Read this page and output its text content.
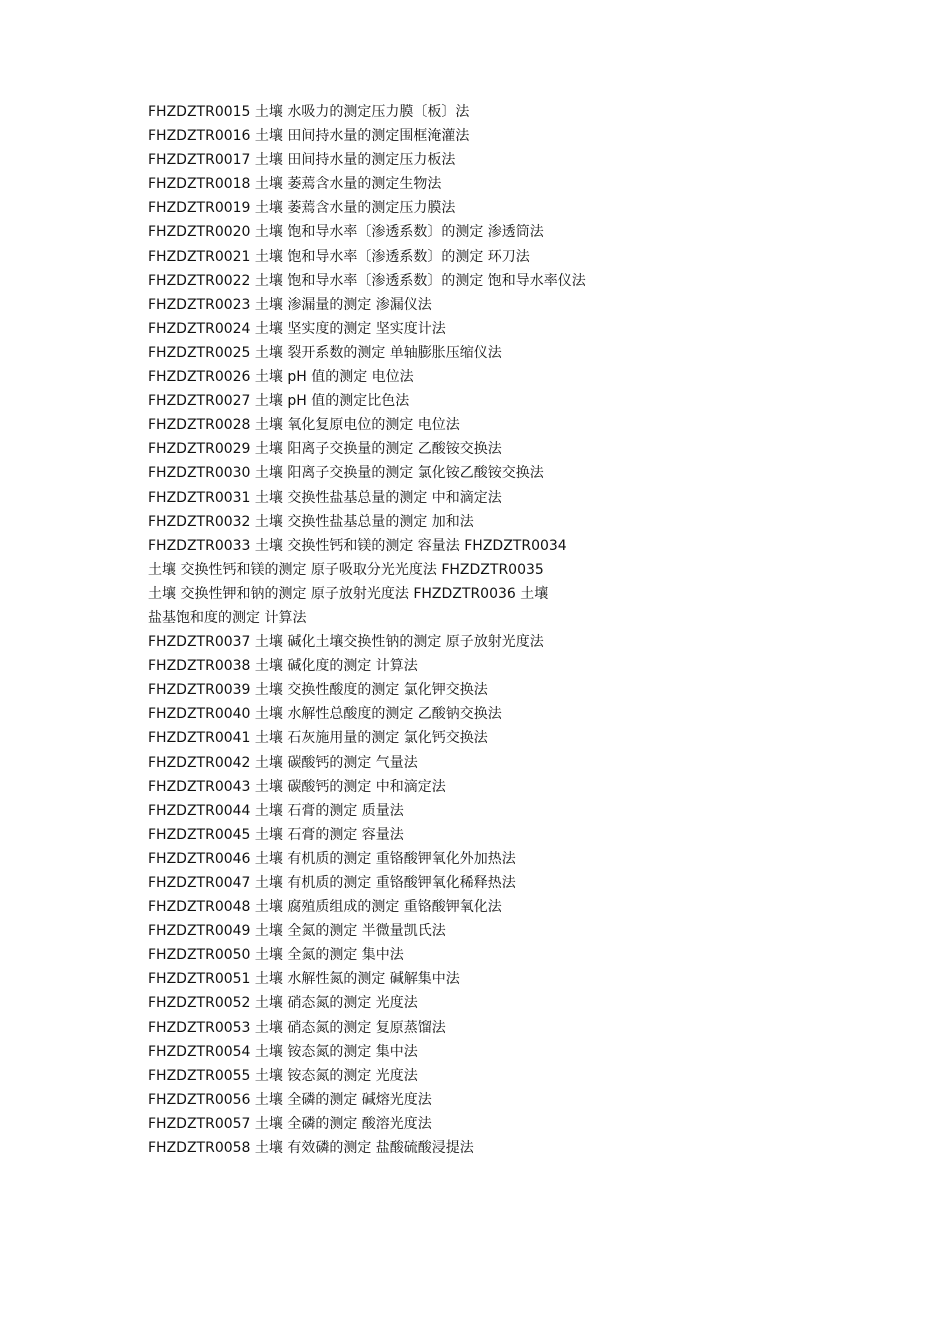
FHZDZTR0015 土壤 水吸力的测定压力膜〔板〕法
FHZDZTR0016 土壤 田间持水量的测定围框淹灌法
FHZDZTR0017 土壤 田间持水量的测定压力板法
FHZDZTR0018 土壤 萎蔫含水量的测定生物法
FHZDZTR0019 土壤 萎蔫含水量的测定压力膜法
FHZDZTR0020 土壤 饱和导水率〔渗透系数〕的测定 渗透筒法
FHZDZTR0021 土壤 饱和导水率〔渗透系数〕的测定 环刀法
FHZDZTR0022 土壤 饱和导水率〔渗透系数〕的测定 饱和导水率仪法
FHZDZTR0023 土壤 渗漏量的测定 渗漏仪法
FHZDZTR0024 土壤 坚实度的测定 坚实度计法
FHZDZTR0025 土壤 裂开系数的测定 单轴膨胀压缩仪法
FHZDZTR0026 土壤 pH 值的测定 电位法
FHZDZTR0027 土壤 pH 值的测定比色法
FHZDZTR0028 土壤 氧化复原电位的测定 电位法
FHZDZTR0029 土壤 阳离子交换量的测定 乙酸铵交换法
FHZDZTR0030 土壤 阳离子交换量的测定 氯化铵乙酸铵交换法
FHZDZTR0031 土壤 交换性盐基总量的测定 中和滴定法
FHZDZTR0032 土壤 交换性盐基总量的测定 加和法
FHZDZTR0033 土壤 交换性钙和镁的测定 容量法 FHZDZTR0034
土壤 交换性钙和镁的测定 原子吸取分光光度法 FHZDZTR0035
土壤 交换性钾和钠的测定 原子放射光度法 FHZDZTR0036 土壤
盐基饱和度的测定 计算法
FHZDZTR0037 土壤 碱化土壤交换性钠的测定 原子放射光度法
FHZDZTR0038 土壤 碱化度的测定 计算法
FHZDZTR0039 土壤 交换性酸度的测定 氯化钾交换法
FHZDZTR0040 土壤 水解性总酸度的测定 乙酸钠交换法
FHZDZTR0041 土壤 石灰施用量的测定 氯化钙交换法
FHZDZTR0042 土壤 碳酸钙的测定 气量法
FHZDZTR0043 土壤 碳酸钙的测定 中和滴定法
FHZDZTR0044 土壤 石膏的测定 质量法
FHZDZTR0045 土壤 石膏的测定 容量法
FHZDZTR0046 土壤 有机质的测定 重铬酸钾氧化外加热法
FHZDZTR0047 土壤 有机质的测定 重铬酸钾氧化稀释热法
FHZDZTR0048 土壤 腐殖质组成的测定 重铬酸钾氧化法
FHZDZTR0049 土壤 全氮的测定 半微量凯氏法
FHZDZTR0050 土壤 全氮的测定 集中法
FHZDZTR0051 土壤 水解性氮的测定 碱解集中法
FHZDZTR0052 土壤 硝态氮的测定 光度法
FHZDZTR0053 土壤 硝态氮的测定 复原蒸馏法
FHZDZTR0054 土壤 铵态氮的测定 集中法
FHZDZTR0055 土壤 铵态氮的测定 光度法
FHZDZTR0056 土壤 全磷的测定 碱熔光度法
FHZDZTR0057 土壤 全磷的测定 酸溶光度法
FHZDZTR0058 土壤 有效磷的测定 盐酸硫酸浸提法
